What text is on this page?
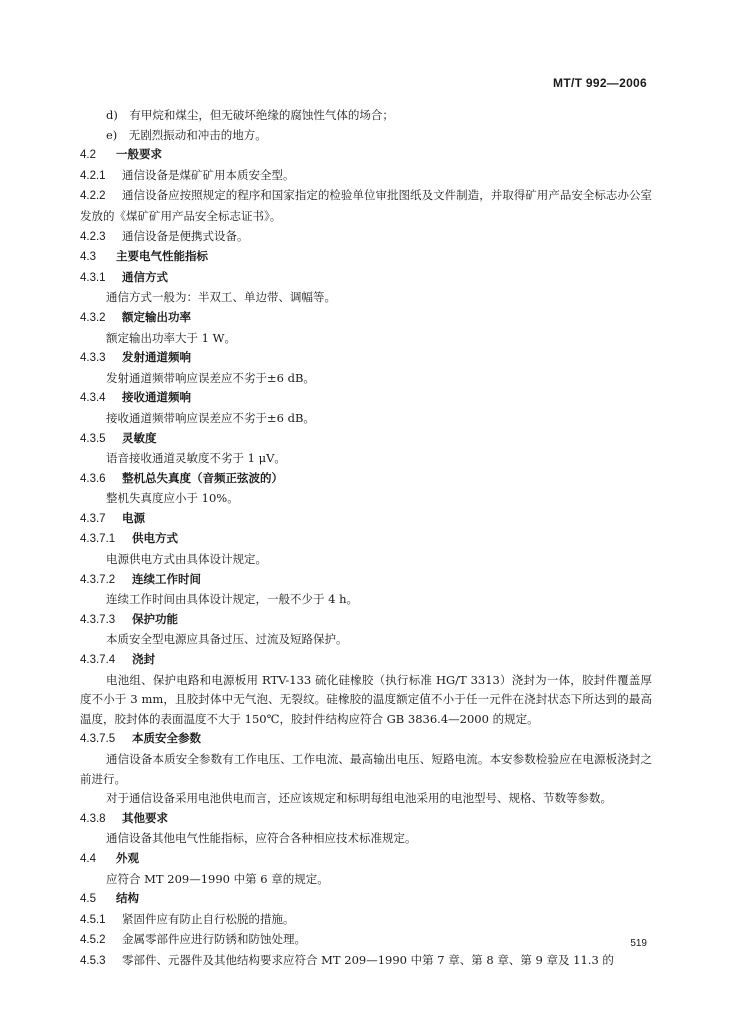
MT/T 992—2006
d)　有甲烷和煤尘，但无破坏绝缘的腐蚀性气体的场合；
e)　无剧烈振动和冲击的地方。
4.2 一般要求
4.2.1 通信设备是煤矿矿用本质安全型。
4.2.2 通信设备应按照规定的程序和国家指定的检验单位审批图纸及文件制造，并取得矿用产品安全标志办公室发放的《煤矿矿用产品安全标志证书》。
4.2.3 通信设备是便携式设备。
4.3 主要电气性能指标
4.3.1 通信方式
通信方式一般为：半双工、单边带、调幅等。
4.3.2 额定输出功率
额定输出功率大于 1 W。
4.3.3 发射通道频响
发射通道频带响应误差应不劣于±6 dB。
4.3.4 接收通道频响
接收通道频带响应误差应不劣于±6 dB。
4.3.5 灵敏度
语音接收通道灵敏度不劣于 1 μV。
4.3.6 整机总失真度（音频正弦波的）
整机失真度应小于 10%。
4.3.7 电源
4.3.7.1 供电方式
电源供电方式由具体设计规定。
4.3.7.2 连续工作时间
连续工作时间由具体设计规定，一般不少于 4 h。
4.3.7.3 保护功能
本质安全型电源应具备过压、过流及短路保护。
4.3.7.4 浇封
电池组、保护电路和电源板用 RTV-133 硫化硅橡胶（执行标准 HG/T 3313）浇封为一体，胶封件覆盖厚度不小于 3 mm，且胶封体中无气泡、无裂纹。硅橡胶的温度额定值不小于任一元件在浇封状态下所达到的最高温度，胶封体的表面温度不大于 150℃，胶封件结构应符合 GB 3836.4—2000 的规定。
4.3.7.5 本质安全参数
通信设备本质安全参数有工作电压、工作电流、最高输出电压、短路电流。本安参数检验应在电源板浇封之前进行。
对于通信设备采用电池供电而言，还应该规定和标明每组电池采用的电池型号、规格、节数等参数。
4.3.8 其他要求
通信设备其他电气性能指标，应符合各种相应技术标准规定。
4.4 外观
应符合 MT 209—1990 中第 6 章的规定。
4.5 结构
4.5.1 紧固件应有防止自行松脱的措施。
4.5.2 金属零部件应进行防锈和防蚀处理。
4.5.3 零部件、元器件及其他结构要求应符合 MT 209—1990 中第 7 章、第 8 章、第 9 章及 11.3 的
519
